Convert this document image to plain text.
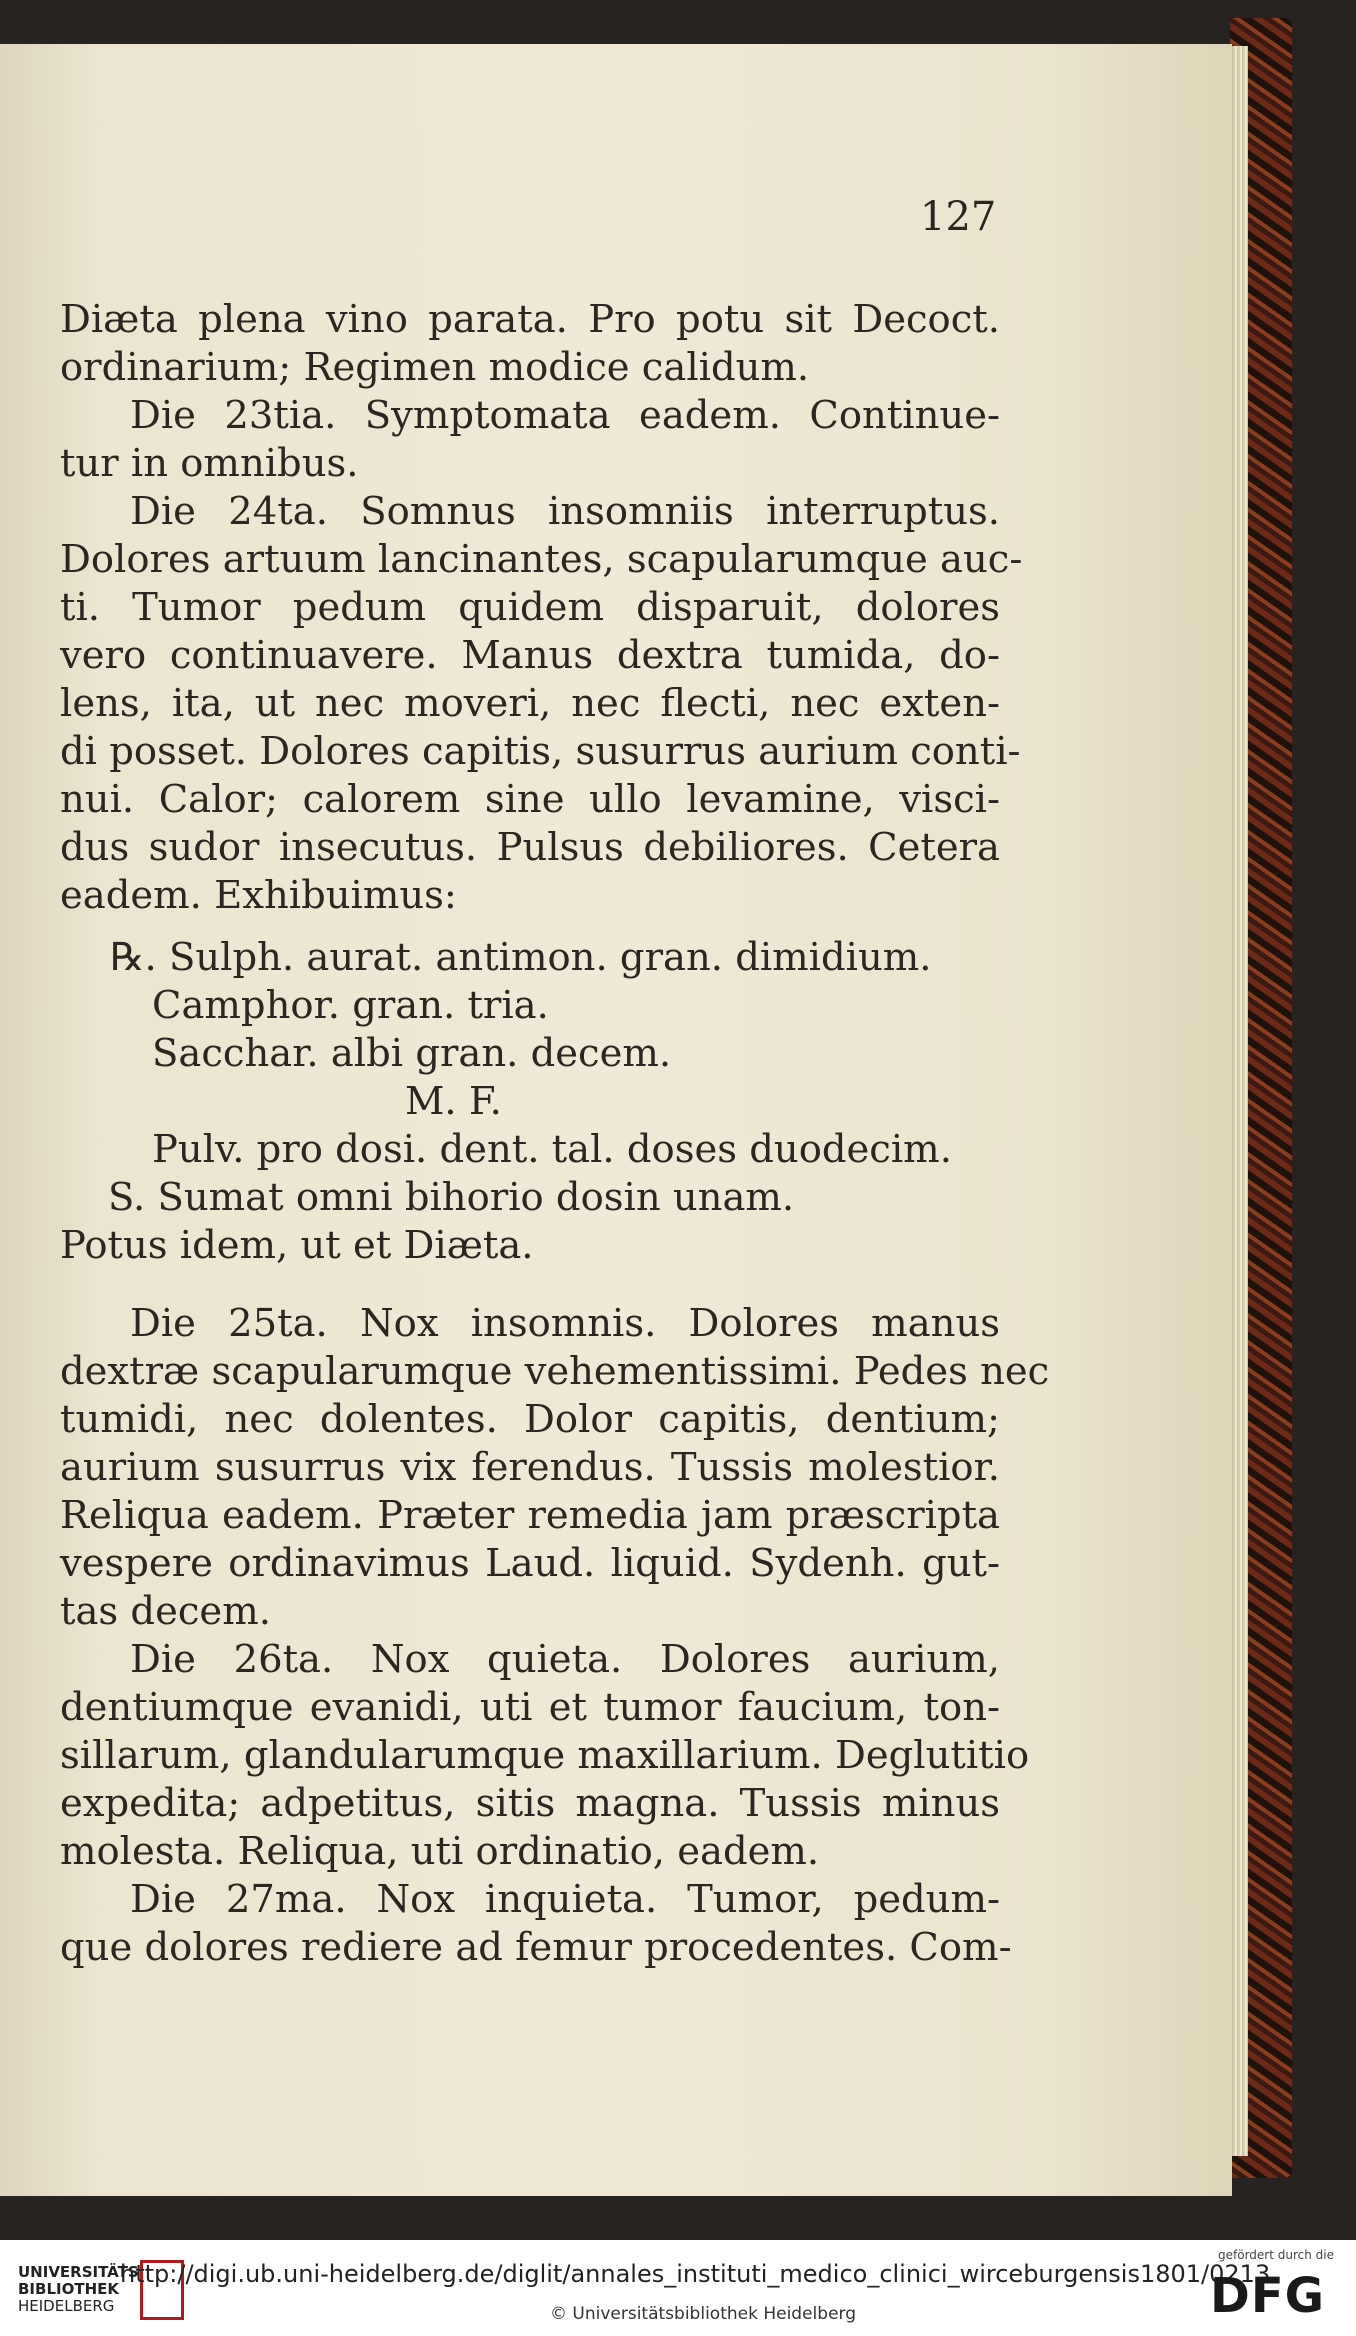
127
Diæta plena vino parata. Pro potu sit Decoct.
ordinarium; Regimen modice calidum.
Die 23tia. Symptomata eadem. Continue-
tur in omnibus.
Die 24ta. Somnus insomniis interruptus.
Dolores artuum lancinantes, scapularumque auc-
ti. Tumor pedum quidem disparuit, dolores
vero continuavere. Manus dextra tumida, do-
lens, ita, ut nec moveri, nec flecti, nec exten-
di posset. Dolores capitis, susurrus aurium conti-
nui. Calor; calorem sine ullo levamine, visci-
dus sudor insecutus. Pulsus debiliores. Cetera
eadem. Exhibuimus:
℞. Sulph. aurat. antimon. gran. dimidium.
Camphor. gran. tria.
Sacchar. albi gran. decem.
M. F.
Pulv. pro dosi. dent. tal. doses duodecim.
S. Sumat omni bihorio dosin unam.
Potus idem, ut et Diæta.
Die 25ta. Nox insomnis. Dolores manus
dextræ scapularumque vehementissimi. Pedes nec
tumidi, nec dolentes. Dolor capitis, dentium;
aurium susurrus vix ferendus. Tussis molestior.
Reliqua eadem. Præter remedia jam præscripta
vespere ordinavimus Laud. liquid. Sydenh. gut-
tas decem.
Die 26ta. Nox quieta. Dolores aurium,
dentiumque evanidi, uti et tumor faucium, ton-
sillarum, glandularumque maxillarium. Deglutitio
expedita; adpetitus, sitis magna. Tussis minus
molesta. Reliqua, uti ordinatio, eadem.
Die 27ma. Nox inquieta. Tumor, pedum-
que dolores rediere ad femur procedentes. Com-
UNIVERSITÄTS
BIBLIOTHEK
HEIDELBERG
http://digi.ub.uni-heidelberg.de/diglit/annales_instituti_medico_clinici_wirceburgensis1801/0213
© Universitätsbibliothek Heidelberg
gefördert durch die
DFG
